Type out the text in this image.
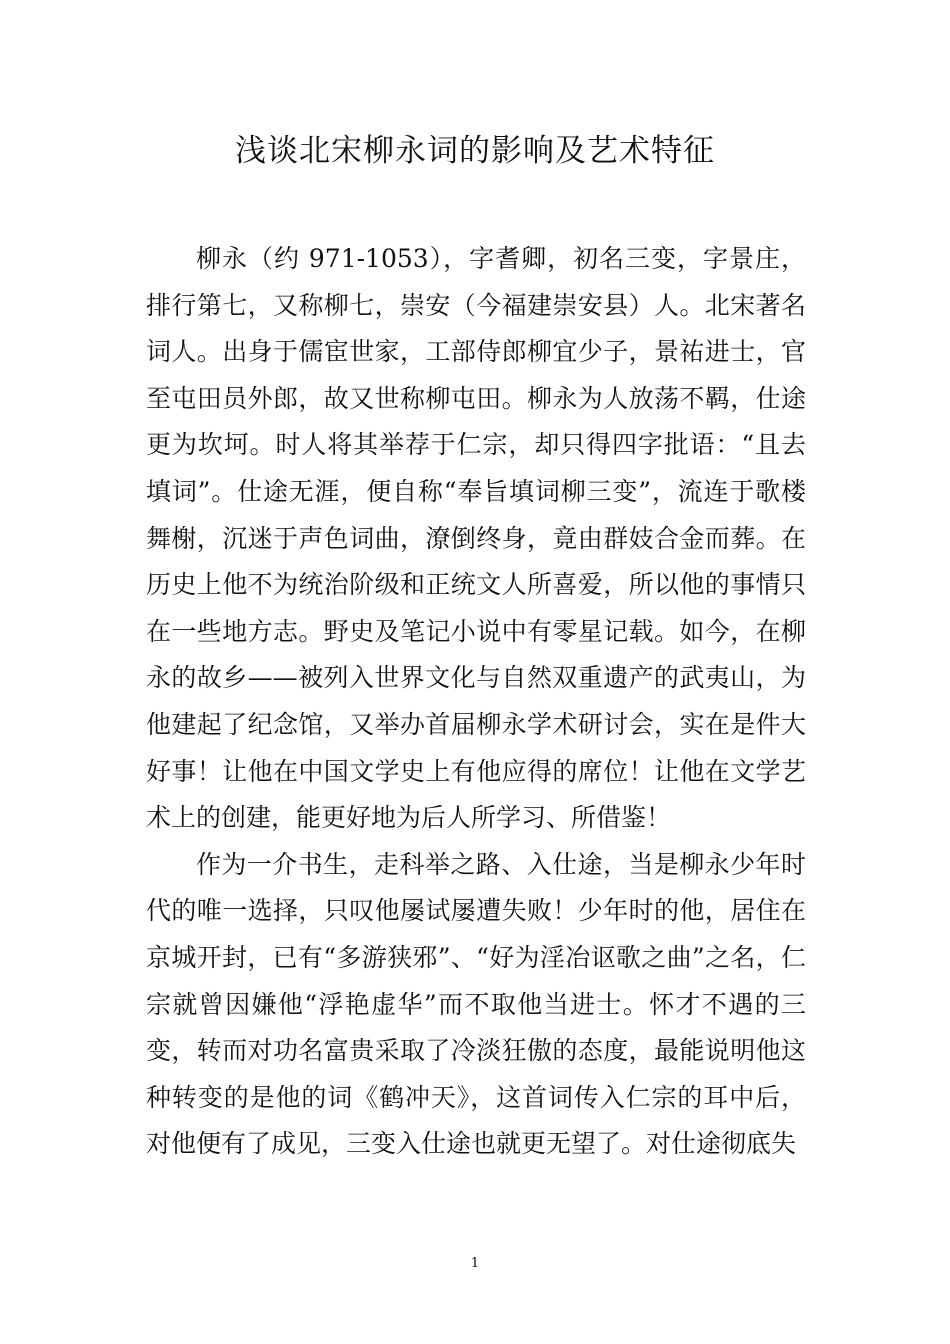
浅谈北宋柳永词的影响及艺术特征

柳永（约 971-1053），字耆卿，初名三变，字景庄，排行第七，又称柳七，崇安（今福建崇安县）人。北宋著名词人。出身于儒宦世家，工部侍郎柳宜少子，景祐进士，官至屯田员外郎，故又世称柳屯田。柳永为人放荡不羁，仕途更为坎坷。时人将其举荐于仁宗，却只得四字批语：“且去填词”。仕途无涯，便自称“奉旨填词柳三变”，流连于歌楼舞榭，沉迷于声色词曲，潦倒终身，竟由群妓合金而葬。在历史上他不为统治阶级和正统文人所喜爱，所以他的事情只在一些地方志。野史及笔记小说中有零星记载。如今，在柳永的故乡——被列入世界文化与自然双重遗产的武夷山，为他建起了纪念馆，又举办首届柳永学术研讨会，实在是件大好事！让他在中国文学史上有他应得的席位！让他在文学艺术上的创建，能更好地为后人所学习、所借鉴！

作为一介书生，走科举之路、入仕途，当是柳永少年时代的唯一选择，只叹他屡试屡遭失败！少年时的他，居住在京城开封，已有“多游狭邪”、“好为淫冶讴歌之曲”之名，仁宗就曾因嫌他“浮艳虚华”而不取他当进士。怀才不遇的三变，转而对功名富贵采取了冷淡狂傲的态度，最能说明他这种转变的是他的词《鹤冲天》，这首词传入仁宗的耳中后，对他便有了成见，三变入仕途也就更无望了。对仕途彻底失

1
